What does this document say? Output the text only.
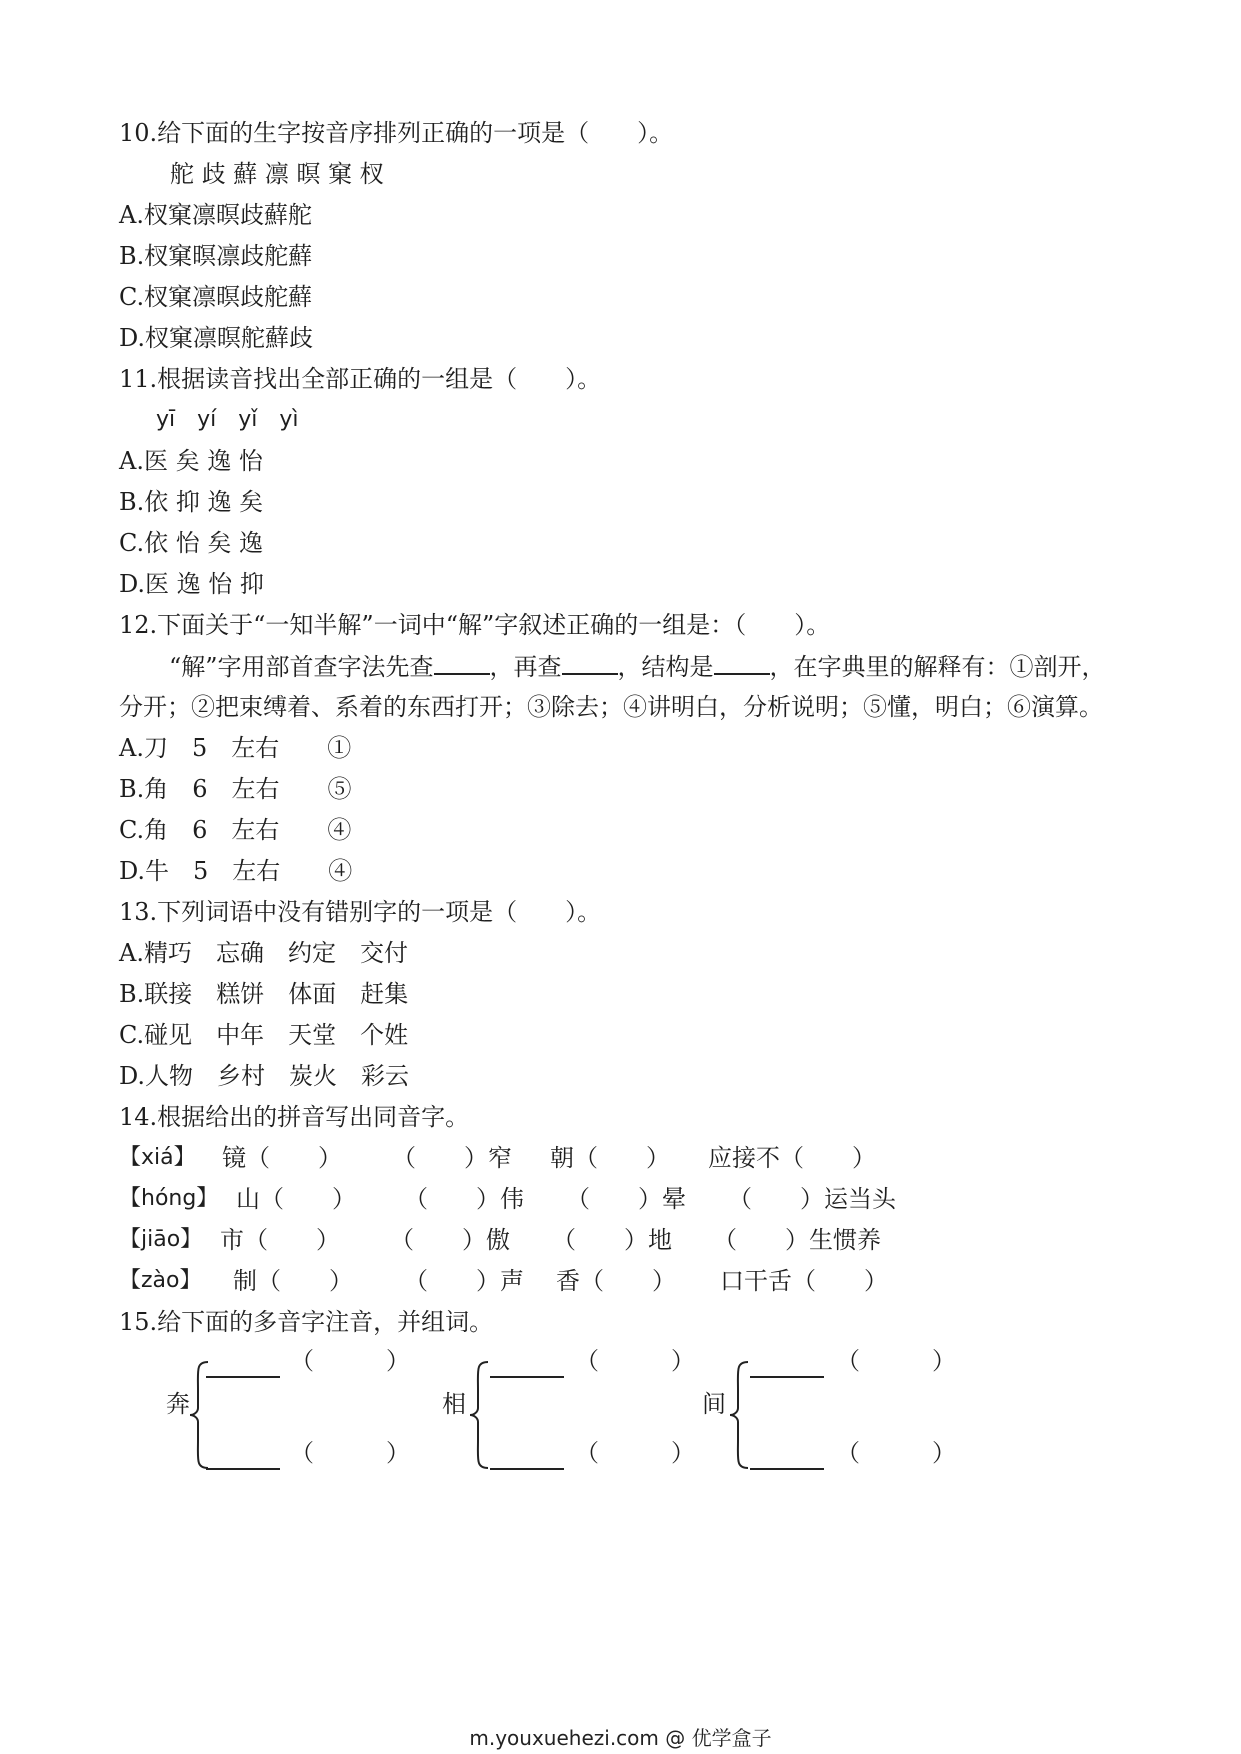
10.给下面的生字按音序排列正确的一项是（　　）。
舵 歧 蘚 凛 暝 窠 杈
A.杈窠凛暝歧蘚舵
B.杈窠暝凛歧舵蘚
C.杈窠凛暝歧舵蘚
D.杈窠凛暝舵蘚歧
11.根据读音找出全部正确的一组是（　　）。
yī　yí　yǐ　yì
A.医 矣 逸 怡
B.依 抑 逸 矣
C.依 怡 矣 逸
D.医 逸 怡 抑
12.下面关于“一知半解”一词中“解”字叙述正确的一组是：（　　）。
　“解”字用部首查字法先查 ，再查 ，结构是 ，在字典里的解释有：①剖开，
分开；②把束缚着、系着的东西打开；③除去；④讲明白，分析说明；⑤懂，明白；⑥演算。
A.刀　5　左右　　①
B.角　6　左右　　⑤
C.角　6　左右　　④
D.牛　5　左右　　④
13.下列词语中没有错别字的一项是（　　）。
A.精巧　忘确　约定　交付
B.联接　糕饼　体面　赶集
C.碰见　中年　天堂　个姓
D.人物　乡村　炭火　彩云
14.根据给出的拼音写出同音字。
【xiá】 镜（　　） （　　）窄 朝（　　） 应接不（　　）
【hóng】 山（　　） （　　）伟 （　　）晕 （　　）运当头
【jiāo】 市（　　） （　　）傲 （　　）地 （　　）生惯养
【zào】 制（　　） （　　）声 香（　　） 口干舌（　　）
15.给下面的多音字注音，并组词。
奔
（　　　）
（　　　）
相
（　　　）
（　　　）
间
（　　　）
（　　　）
m.youxuehezi.com @ 优学盒子
